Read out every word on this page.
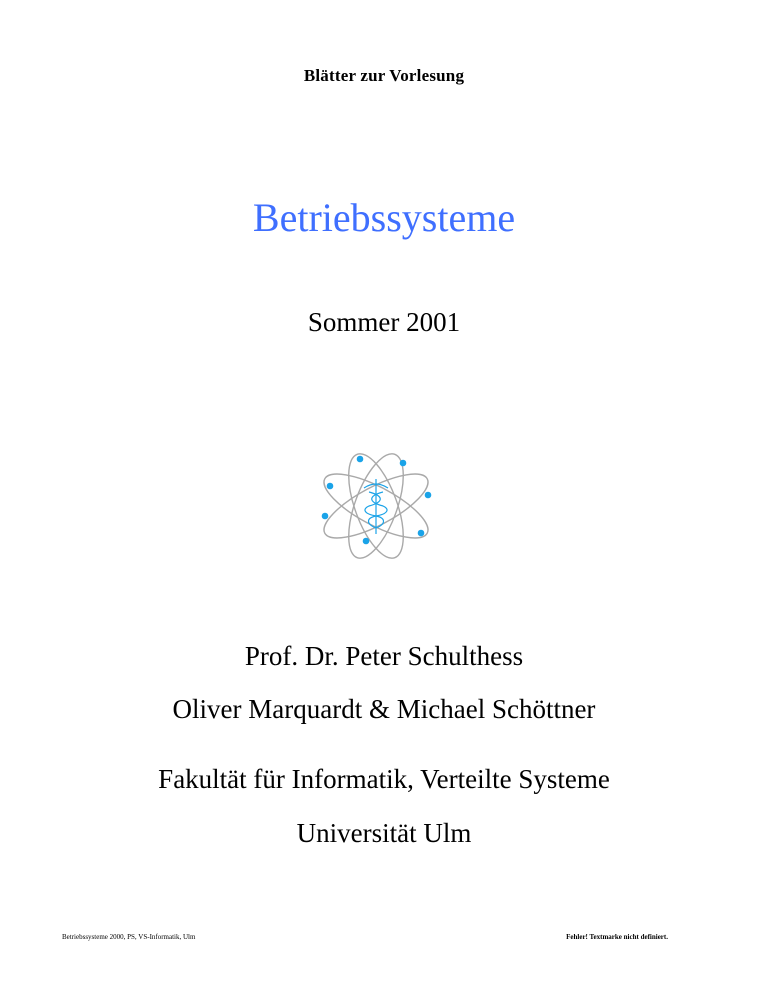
Blätter zur Vorlesung
Betriebssysteme
Sommer 2001
Prof. Dr. Peter Schulthess
Oliver Marquardt & Michael Schöttner
Fakultät für Informatik, Verteilte Systeme
Universität Ulm
Betriebssysteme 2000, PS, VS-Informatik, Ulm	Fehler! Textmarke nicht definiert.
